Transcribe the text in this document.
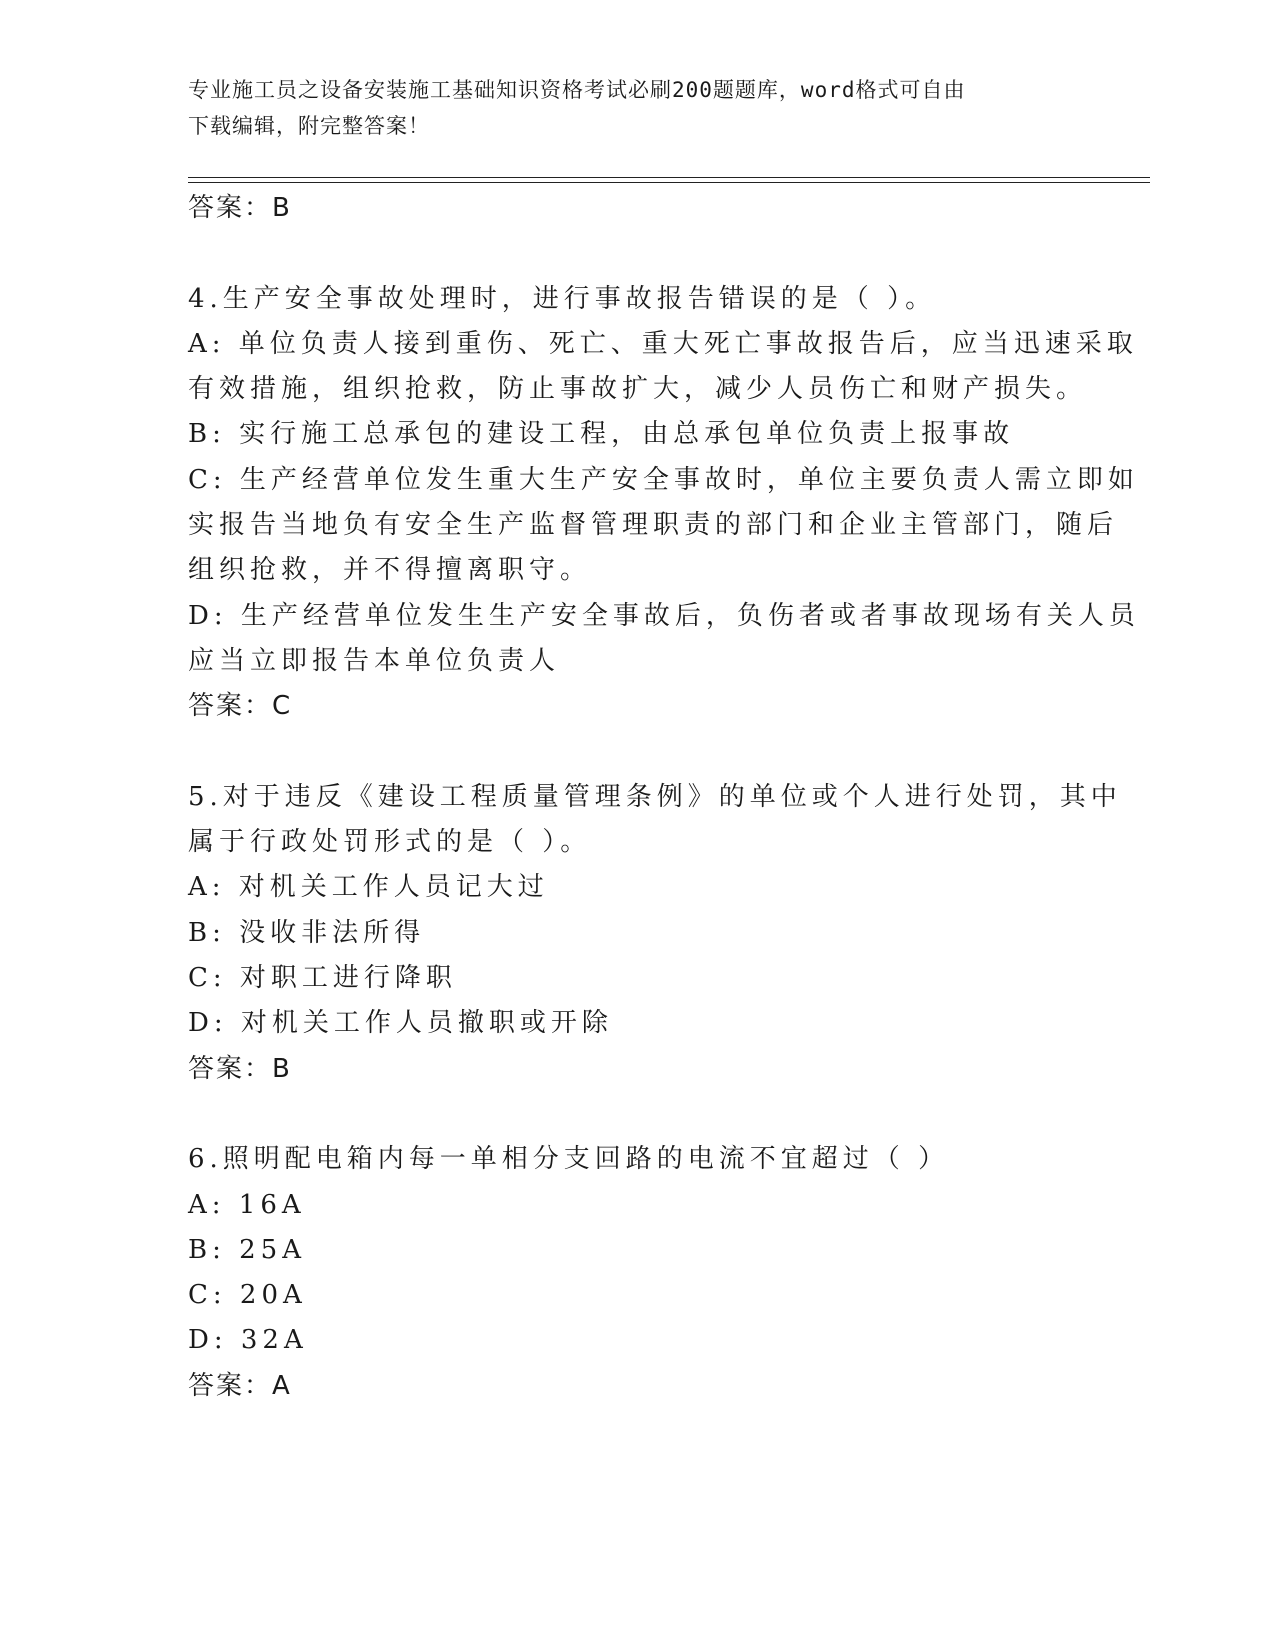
专业施工员之设备安装施工基础知识资格考试必刷200题题库，word格式可自由
下载编辑，附完整答案！
答案：B
4.生产安全事故处理时，进行事故报告错误的是（ ）。
A: 单位负责人接到重伤、死亡、重大死亡事故报告后，应当迅速采取
有效措施，组织抢救，防止事故扩大，减少人员伤亡和财产损失。
B: 实行施工总承包的建设工程，由总承包单位负责上报事故
C: 生产经营单位发生重大生产安全事故时，单位主要负责人需立即如
实报告当地负有安全生产监督管理职责的部门和企业主管部门，随后
组织抢救，并不得擅离职守。
D: 生产经营单位发生生产安全事故后，负伤者或者事故现场有关人员
应当立即报告本单位负责人
答案：C
5.对于违反《建设工程质量管理条例》的单位或个人进行处罚，其中
属于行政处罚形式的是（ ）。
A: 对机关工作人员记大过
B: 没收非法所得
C: 对职工进行降职
D: 对机关工作人员撤职或开除
答案：B
6.照明配电箱内每一单相分支回路的电流不宜超过（ ）
A: 16A
B: 25A
C: 20A
D: 32A
答案：A
